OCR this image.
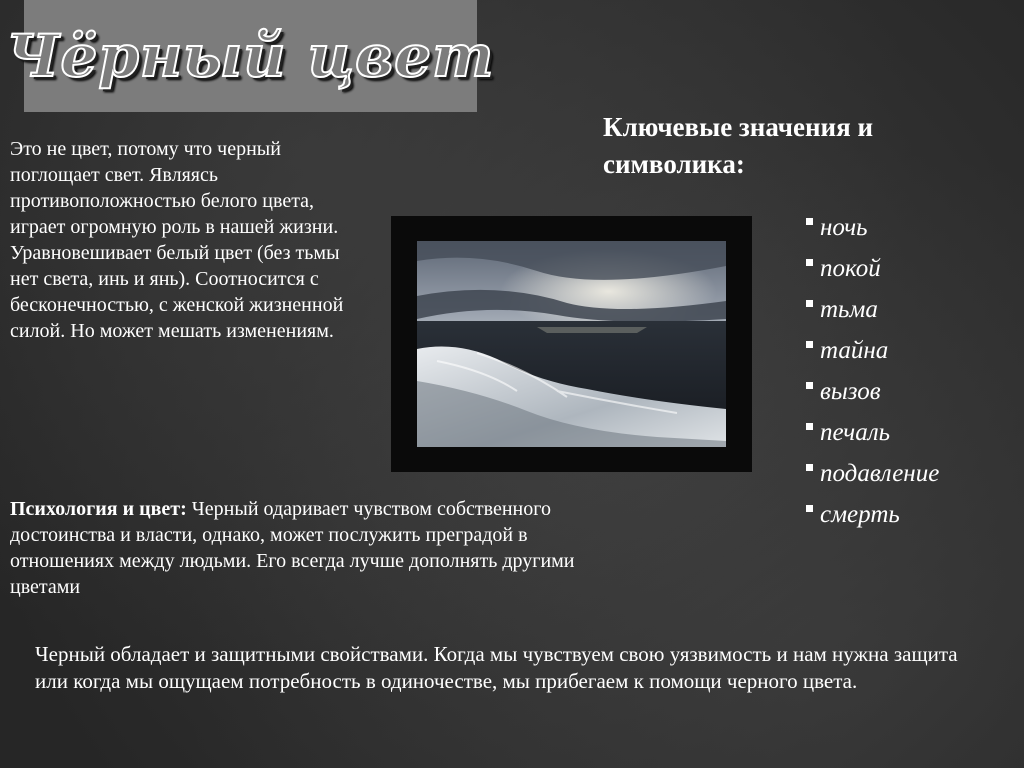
Чёрный цвет
Это не цвет, потому что черный поглощает свет. Являясь противоположностью белого цвета, играет огромную роль в нашей жизни. Уравновешивает белый цвет (без тьмы нет света, инь и янь). Соотносится с бесконечностью, с женской жизненной силой. Но может мешать изменениям.
Ключевые значения и символика:
ночь
покой
тьма
тайна
вызов
печаль
подавление
смерть
Психология и цвет: Черный одаривает чувством собственного достоинства и власти, однако, может послужить преградой в отношениях между людьми. Его всегда лучше дополнять другими цветами
Черный обладает и защитными свойствами. Когда мы чувствуем свою уязвимость и нам нужна защита или когда мы ощущаем потребность в одиночестве, мы прибегаем к помощи черного цвета.
